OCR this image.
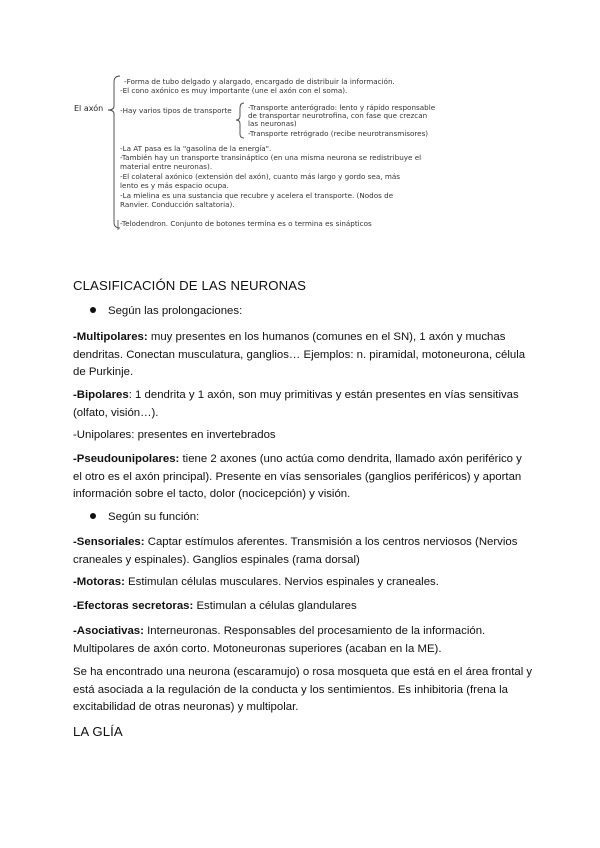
El axón
-Forma de tubo delgado y alargado, encargado de distribuir la información.
-El cono axónico es muy importante (une el axón con el soma).
-Hay varios tipos de transporte -Transporte anterógrado: lento y rápido responsable
de transportar neurotrofina, con fase que crezcan
las neuronas)
-Transporte retrógrado (recibe neurotransmisores)
-La AT pasa es la "gasolina de la energía".
-También hay un transporte transináptico (en una misma neurona se redistribuye el
material entre neuronas).
-El colateral axónico (extensión del axón), cuanto más largo y gordo sea, más
lento es y más espacio ocupa.
-La mielina es una sustancia que recubre y acelera el transporte. (Nodos de
Ranvier. Conducción saltatoria).
-Telodendron. Conjunto de botones termina es o termina es sinápticos
CLASIFICACIÓN DE LAS NEURONAS
Según las prolongaciones:
-Multipolares: muy presentes en los humanos (comunes en el SN), 1 axón y muchas dendritas. Conectan musculatura, ganglios… Ejemplos: n. piramidal, motoneurona, célula de Purkinje.
-Bipolares: 1 dendrita y 1 axón, son muy primitivas y están presentes en vías sensitivas (olfato, visión…).
-Unipolares: presentes en invertebrados
-Pseudounipolares: tiene 2 axones (uno actúa como dendrita, llamado axón periférico y el otro es el axón principal). Presente en vías sensoriales (ganglios periféricos) y aportan información sobre el tacto, dolor (nocicepción) y visión.
Según su función:
-Sensoriales: Captar estímulos aferentes. Transmisión a los centros nerviosos (Nervios craneales y espinales). Ganglios espinales (rama dorsal)
-Motoras: Estimulan células musculares. Nervios espinales y craneales.
-Efectoras secretoras: Estimulan a células glandulares
-Asociativas: Interneuronas. Responsables del procesamiento de la información. Multipolares de axón corto. Motoneuronas superiores (acaban en la ME).
Se ha encontrado una neurona (escaramujo) o rosa mosqueta que está en el área frontal y está asociada a la regulación de la conducta y los sentimientos. Es inhibitoria (frena la excitabilidad de otras neuronas) y multipolar.
LA GLÍA
